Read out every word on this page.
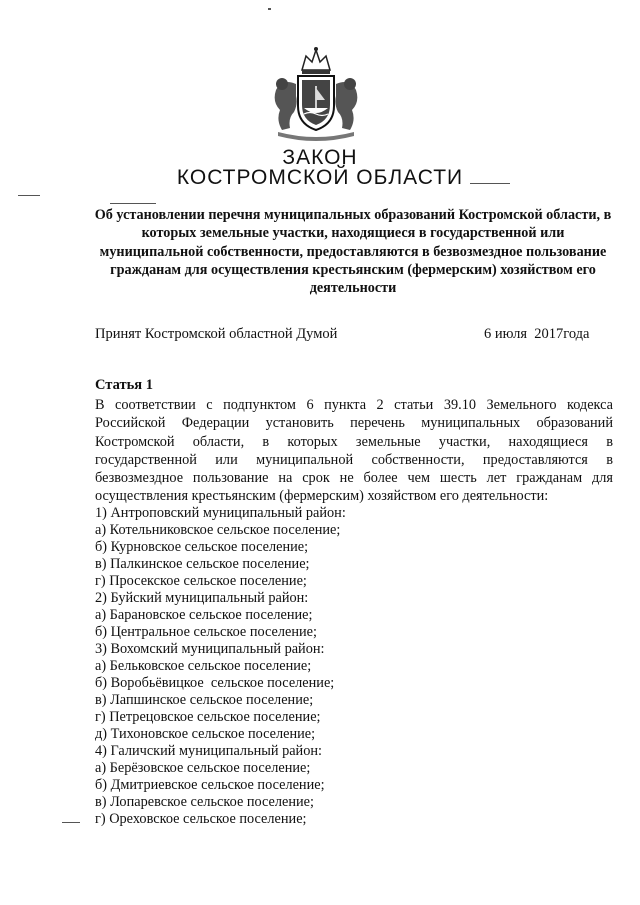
ЗАКОН
КОСТРОМСКОЙ ОБЛАСТИ
Об установлении перечня муниципальных образований Костромской области, в которых земельные участки, находящиеся в государственной или муниципальной собственности, предоставляются в безвозмездное пользование гражданам для осуществления крестьянским (фермерским) хозяйством его деятельности
Принят Костромской областной Думой	6 июля  2017года
Статья 1
В соответствии с подпунктом 6 пункта 2 статьи 39.10 Земельного кодекса Российской Федерации установить перечень муниципальных образований Костромской области, в которых земельные участки, находящиеся в государственной или муниципальной собственности, предоставляются в безвозмездное пользование на срок не более чем шесть лет гражданам для осуществления крестьянским (фермерским) хозяйством его деятельности:
1) Антроповский муниципальный район:
а) Котельниковское сельское поселение;
б) Курновское сельское поселение;
в) Палкинское сельское поселение;
г) Просекское сельское поселение;
2) Буйский муниципальный район:
а) Барановское сельское поселение;
б) Центральное сельское поселение;
3) Вохомский муниципальный район:
а) Бельковское сельское поселение;
б) Воробьёвицкое  сельское поселение;
в) Лапшинское сельское поселение;
г) Петрецовское сельское поселение;
д) Тихоновское сельское поселение;
4) Галичский муниципальный район:
а) Берёзовское сельское поселение;
б) Дмитриевское сельское поселение;
в) Лопаревское сельское поселение;
г) Ореховское сельское поселение;
